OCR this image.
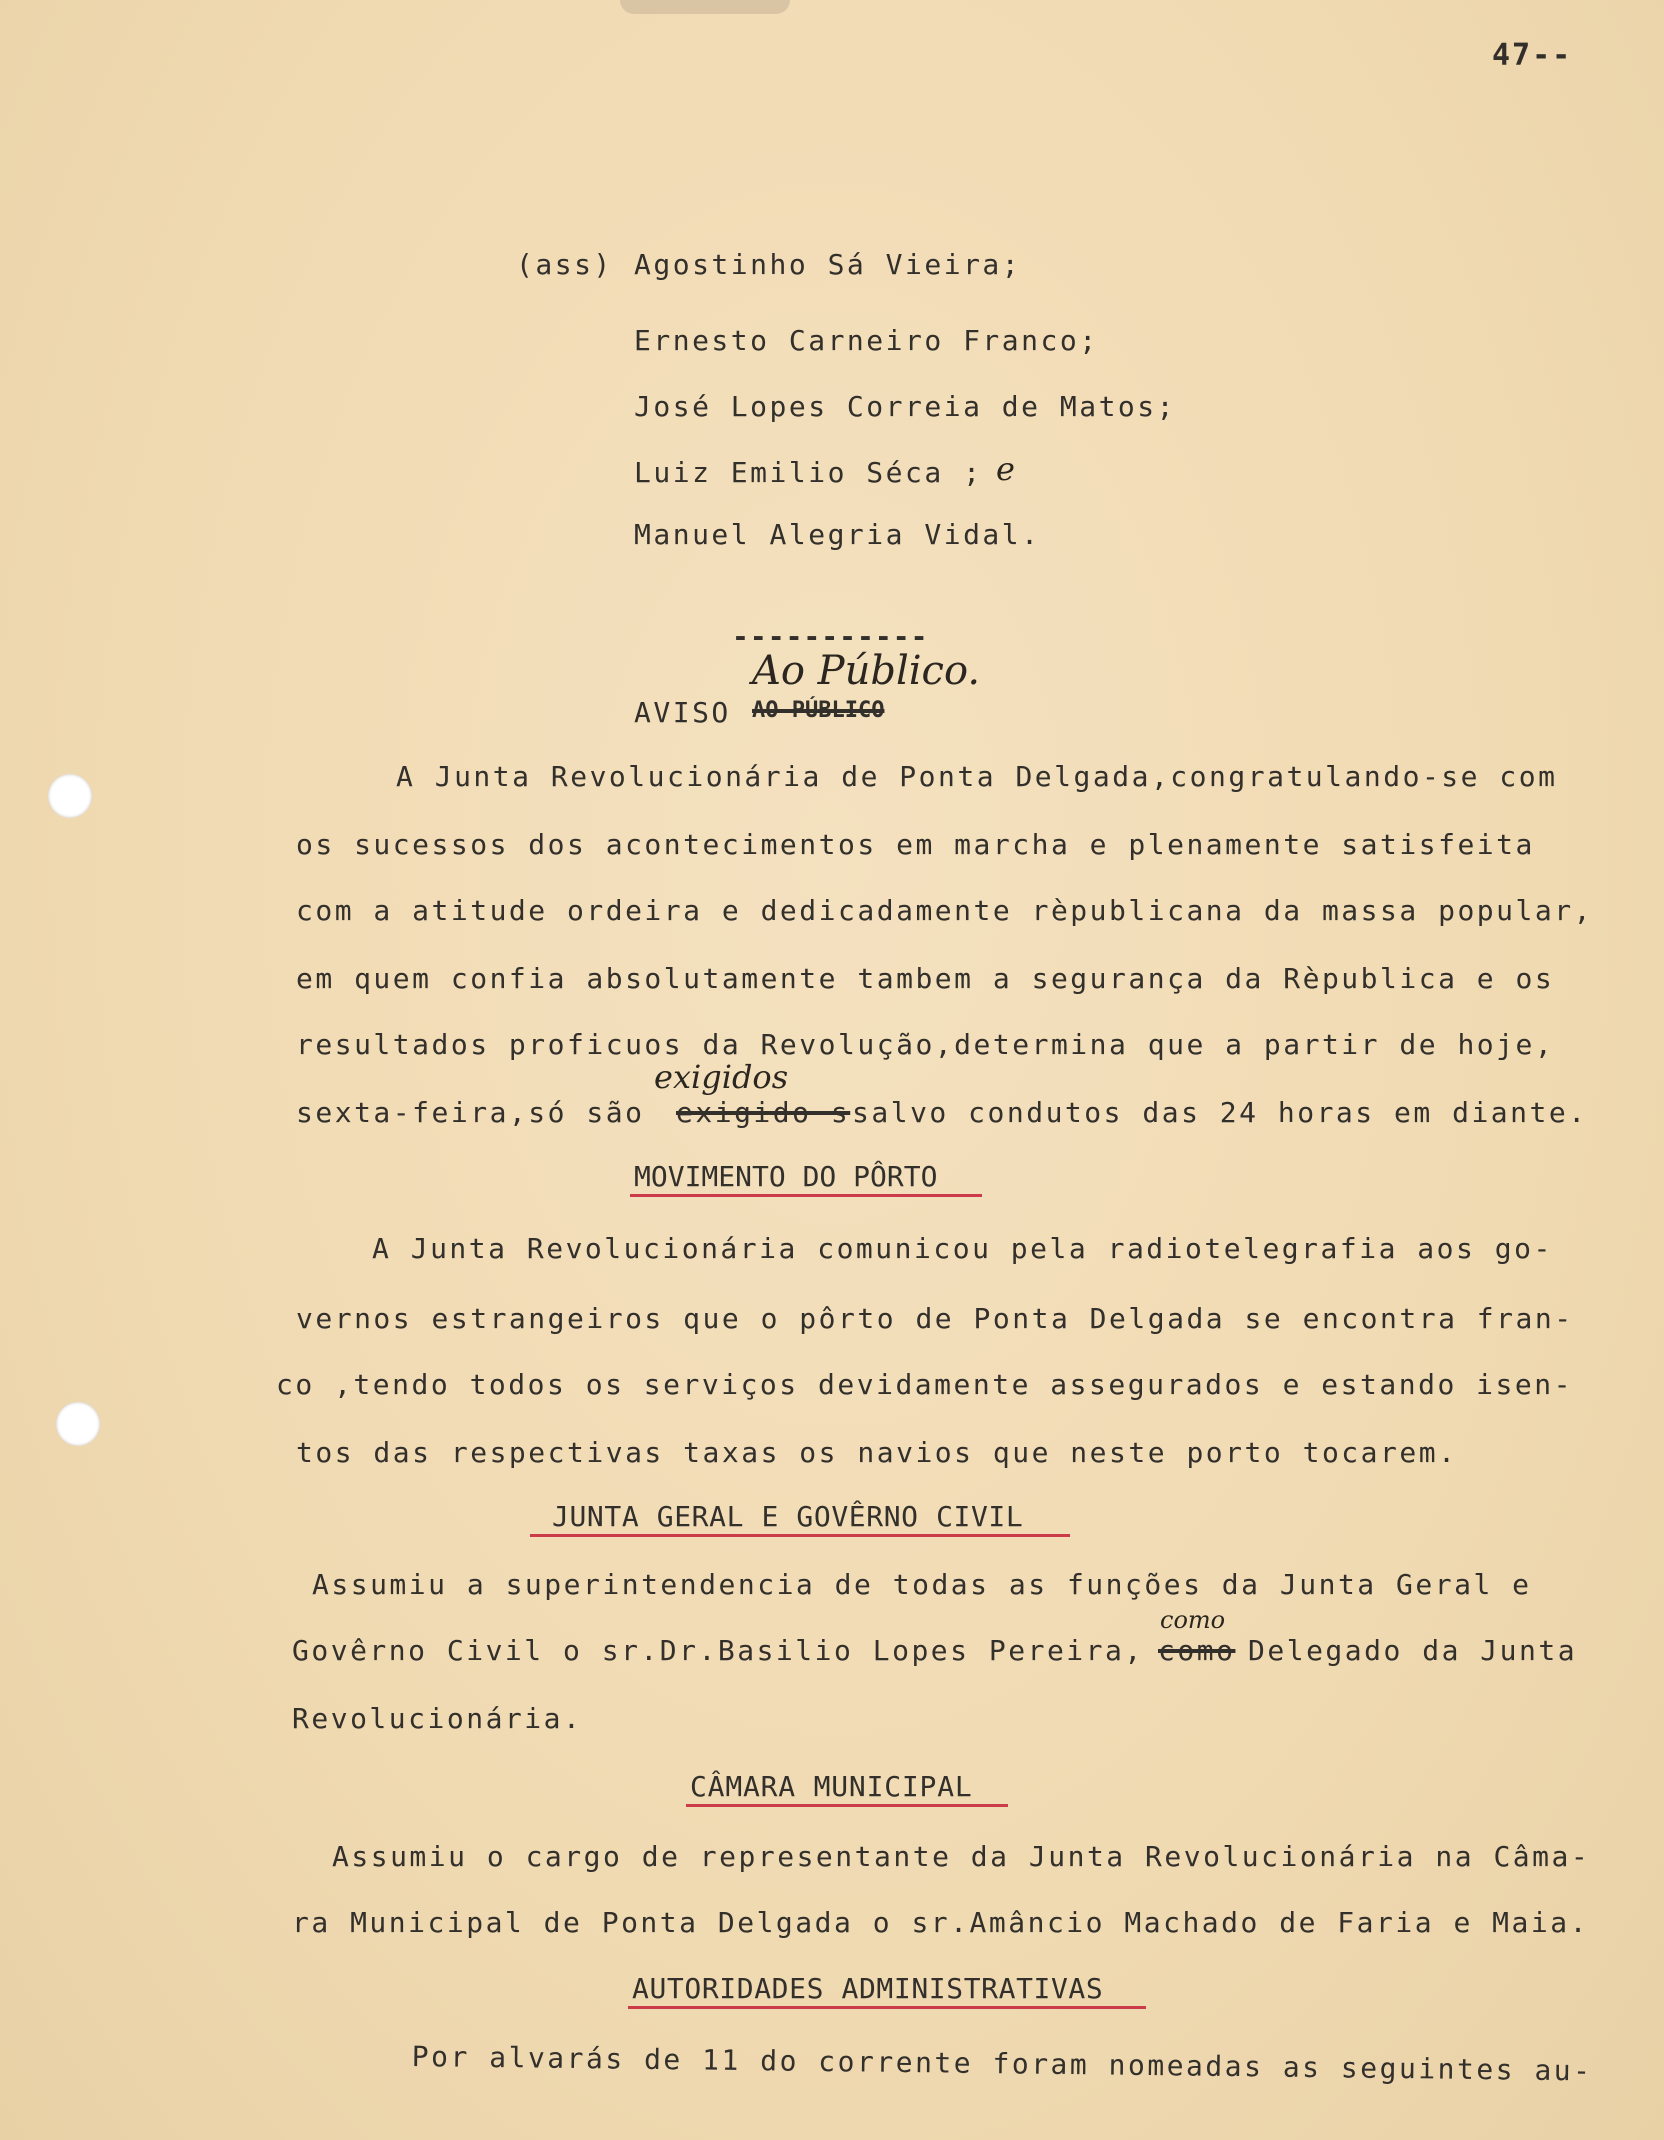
47--
(ass) Agostinho Sá Vieira;
Ernesto Carneiro Franco;
José Lopes Correia de Matos;
Luiz Emilio Séca ; e
Manuel Alegria Vidal.
-----------
Ao Público.
AVISO AO PÚBLICO
A Junta Revolucionária de Ponta Delgada,congratulando-se com
os sucessos dos acontecimentos em marcha e plenamente satisfeita
com a atitude ordeira e dedicadamente rèpublicana da massa popular,
em quem confia absolutamente tambem a segurança da Rèpublica e os
resultados proficuos da Revolução,determina que a partir de hoje,
exigidos
sexta-feira,só são exigido s salvo condutos das 24 horas em diante.
MOVIMENTO DO PÔRTO
A Junta Revolucionária comunicou pela radiotelegrafia aos go-
vernos estrangeiros que o pôrto de Ponta Delgada se encontra fran-
co ,tendo todos os serviços devidamente assegurados e estando isen-
tos das respectivas taxas os navios que neste porto tocarem.
JUNTA GERAL E GOVÊRNO CIVIL
Assumiu a superintendencia de todas as funções da Junta Geral e
como
Govêrno Civil o sr.Dr.Basilio Lopes Pereira, como Delegado da Junta
Revolucionária.
CÂMARA MUNICIPAL
Assumiu o cargo de representante da Junta Revolucionária na Câma-
ra Municipal de Ponta Delgada o sr.Amâncio Machado de Faria e Maia.
AUTORIDADES ADMINISTRATIVAS
Por alvarás de 11 do corrente foram nomeadas as seguintes au-
